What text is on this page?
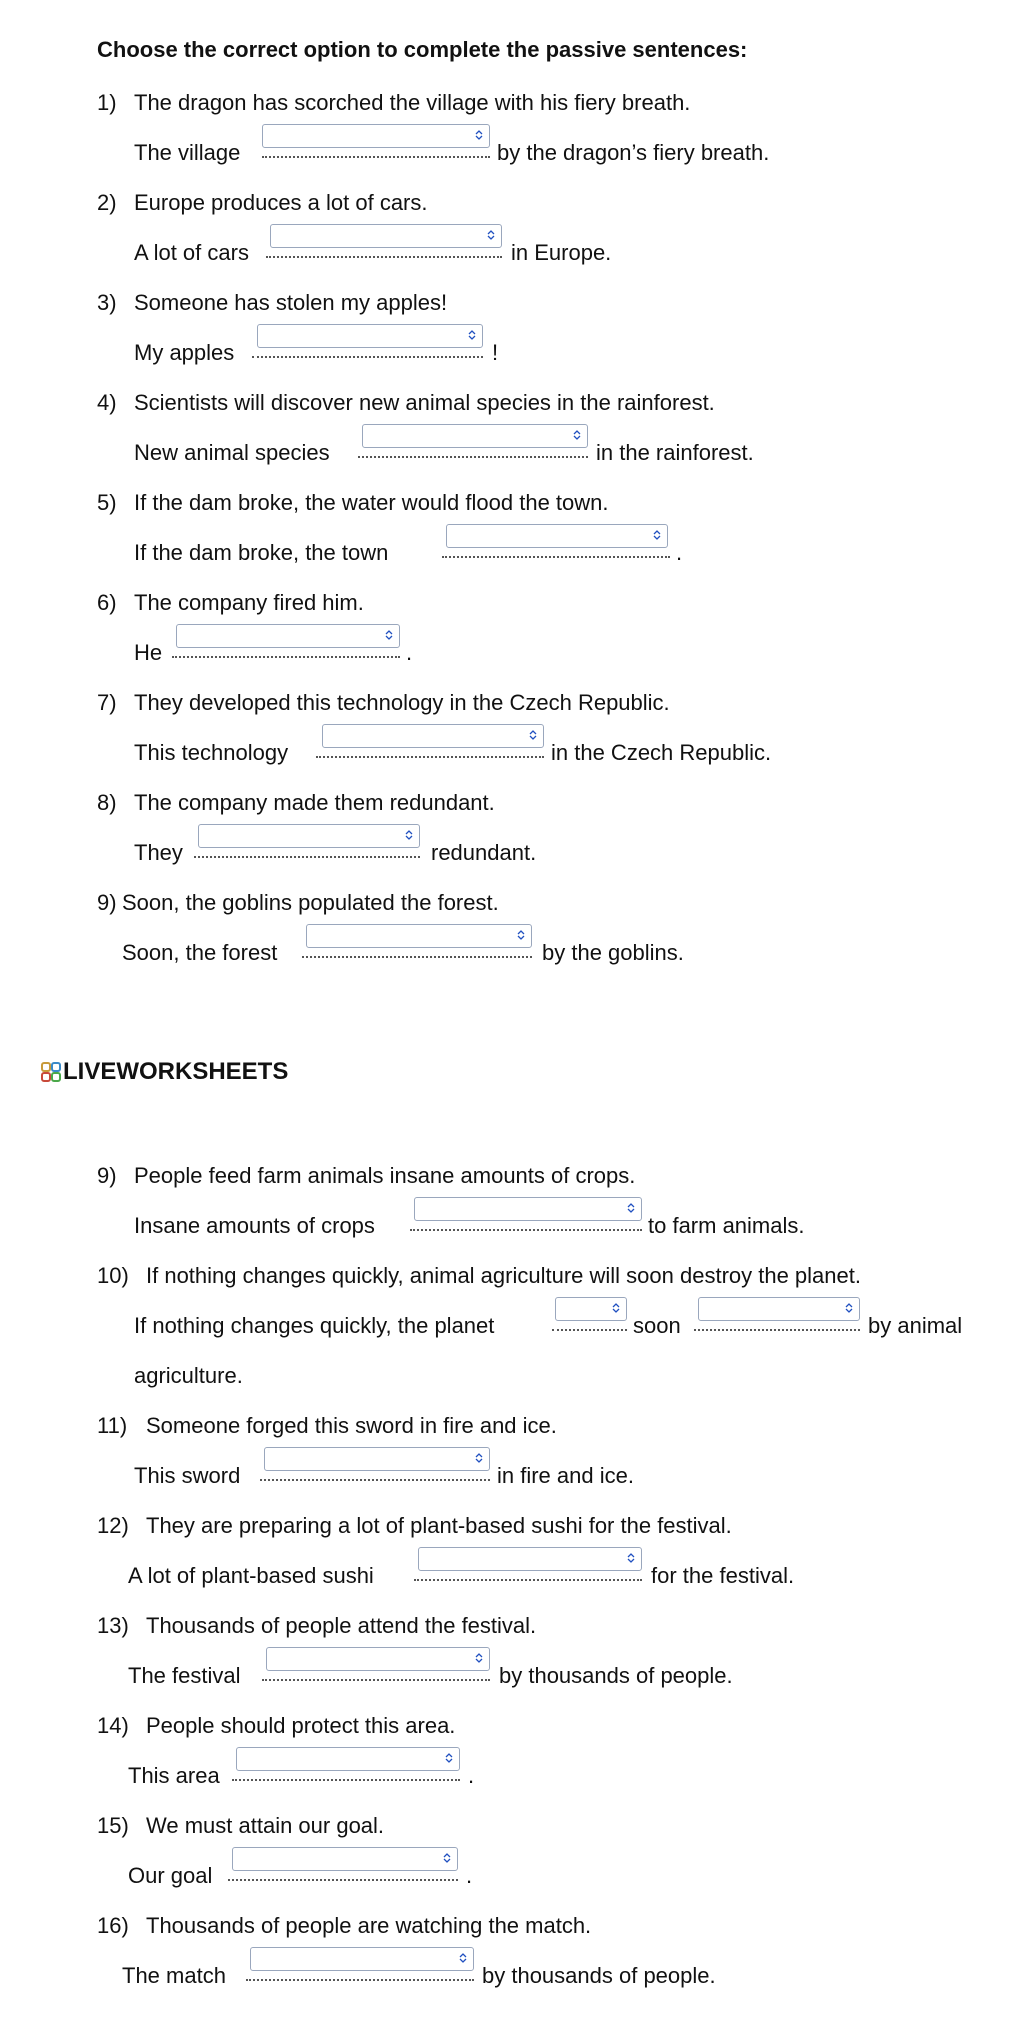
Choose the correct option to complete the passive sentences:
1) The dragon has scorched the village with his fiery breath.
The village	by the dragon’s fiery breath.
2) Europe produces a lot of cars.
A lot of cars	in Europe.
3) Someone has stolen my apples!
My apples	!
4) Scientists will discover new animal species in the rainforest.
New animal species	in the rainforest.
5) If the dam broke, the water would flood the town.
If the dam broke, the town	.
6) The company fired him.
He	.
7) They developed this technology in the Czech Republic.
This technology	in the Czech Republic.
8) The company made them redundant.
They	redundant.
9) Soon, the goblins populated the forest.
Soon, the forest	by the goblins.
LIVEWORKSHEETS
9) People feed farm animals insane amounts of crops.
Insane amounts of crops	to farm animals.
10) If nothing changes quickly, animal agriculture will soon destroy the planet.
If nothing changes quickly, the planet	soon	by animal
agriculture.
11) Someone forged this sword in fire and ice.
This sword	in fire and ice.
12) They are preparing a lot of plant-based sushi for the festival.
A lot of plant-based sushi	for the festival.
13) Thousands of people attend the festival.
The festival	by thousands of people.
14) People should protect this area.
This area	.
15) We must attain our goal.
Our goal	.
16) Thousands of people are watching the match.
The match	by thousands of people.
